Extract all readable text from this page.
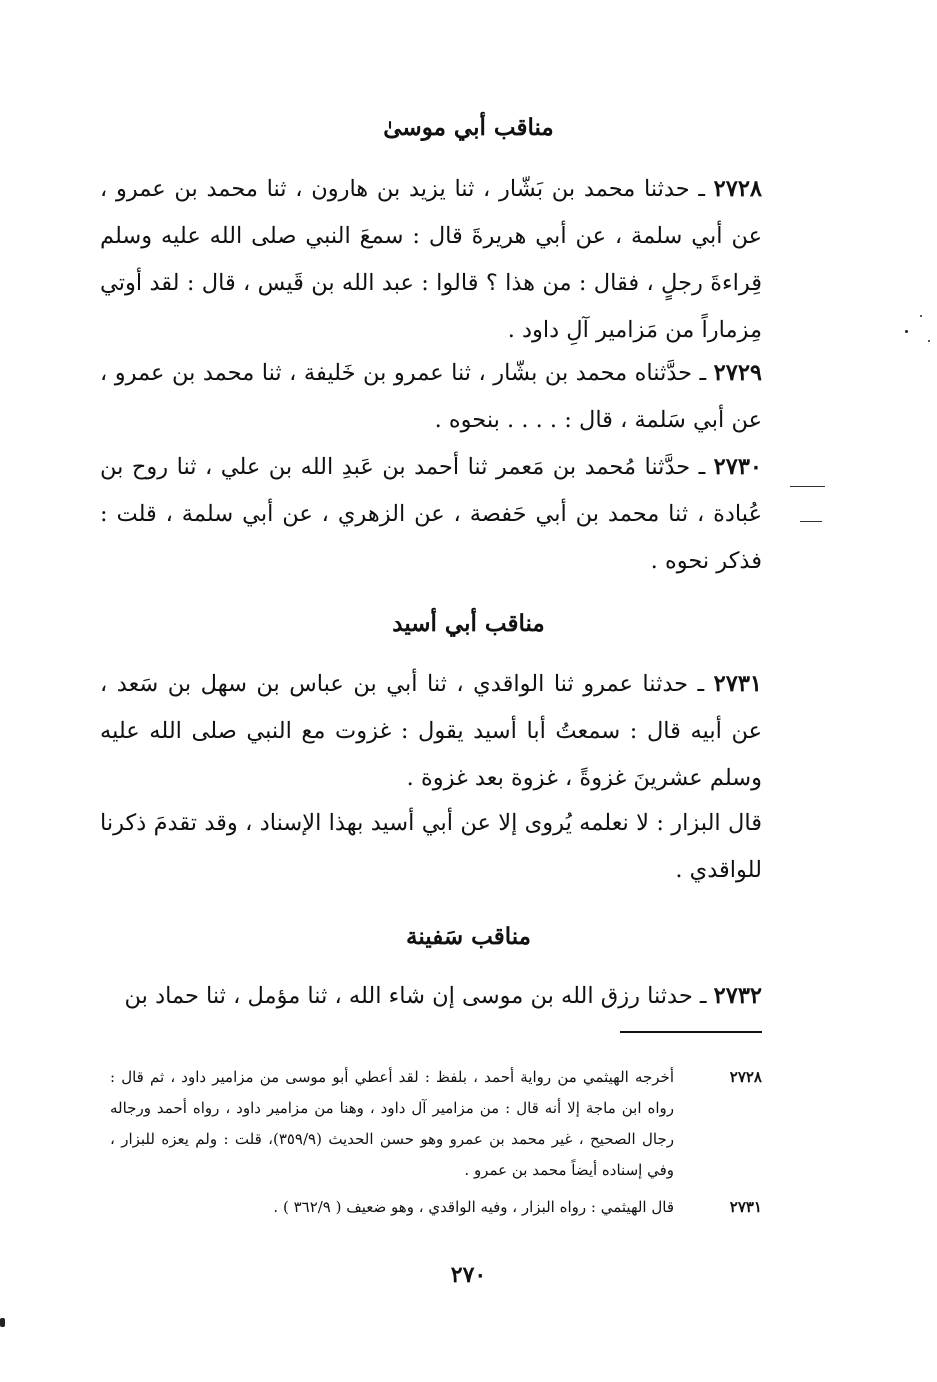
مناقب أبي موسىٰ
٢٧٢٨ ـ حدثنا محمد بن بَشّار ، ثنا يزيد بن هارون ، ثنا محمد بن عمرو ، عن أبي سلمة ، عن أبي هريرةَ قال : سمعَ النبي صلى الله عليه وسلم قِراءةَ رجلٍ ، فقال : من هذا ؟ قالوا : عبد الله بن قَيس ، قال : لقد أوتي مِزماراً من مَزامير آلِ داود .
٢٧٢٩ ـ حدَّثناه محمد بن بشّار ، ثنا عمرو بن خَليفة ، ثنا محمد بن عمرو ، عن أبي سَلمة ، قال : . . . . بنحوه .
٢٧٣٠ ـ حدَّثنا مُحمد بن مَعمر ثنا أحمد بن عَبدِ الله بن علي ، ثنا روح بن عُبادة ، ثنا محمد بن أبي حَفصة ، عن الزهري ، عن أبي سلمة ، قلت : فذكر نحوه .
مناقب أبي أسيد
٢٧٣١ ـ حدثنا عمرو ثنا الواقدي ، ثنا أبي بن عباس بن سهل بن سَعد ، عن أبيه قال : سمعتُ أبا أسيد يقول : غزوت مع النبي صلى الله عليه وسلم عشرينَ غزوةً ، غزوة بعد غزوة .
قال البزار : لا نعلمه يُروى إلا عن أبي أسيد بهذا الإسناد ، وقد تقدمَ ذكرنا للواقدي .
مناقب سَفينة
٢٧٣٢ ـ حدثنا رزق الله بن موسى إن شاء الله ، ثنا مؤمل ، ثنا حماد بن
٢٧٢٨
أخرجه الهيثمي من رواية أحمد ، بلفظ : لقد أعطي أبو موسى من مزامير داود ، ثم قال : رواه ابن ماجة إلا أنه قال : من مزامير آل داود ، وهنا من مزامير داود ، رواه أحمد ورجاله رجال الصحيح ، غير محمد بن عمرو وهو حسن الحديث (٣٥٩/٩)، قلت : ولم يعزه للبزار ، وفي إسناده أيضاً محمد بن عمرو .
٢٧٣١
قال الهيثمي : رواه البزار ، وفيه الواقدي ، وهو ضعيف ( ٣٦٢/٩ ) .
٢٧٠
